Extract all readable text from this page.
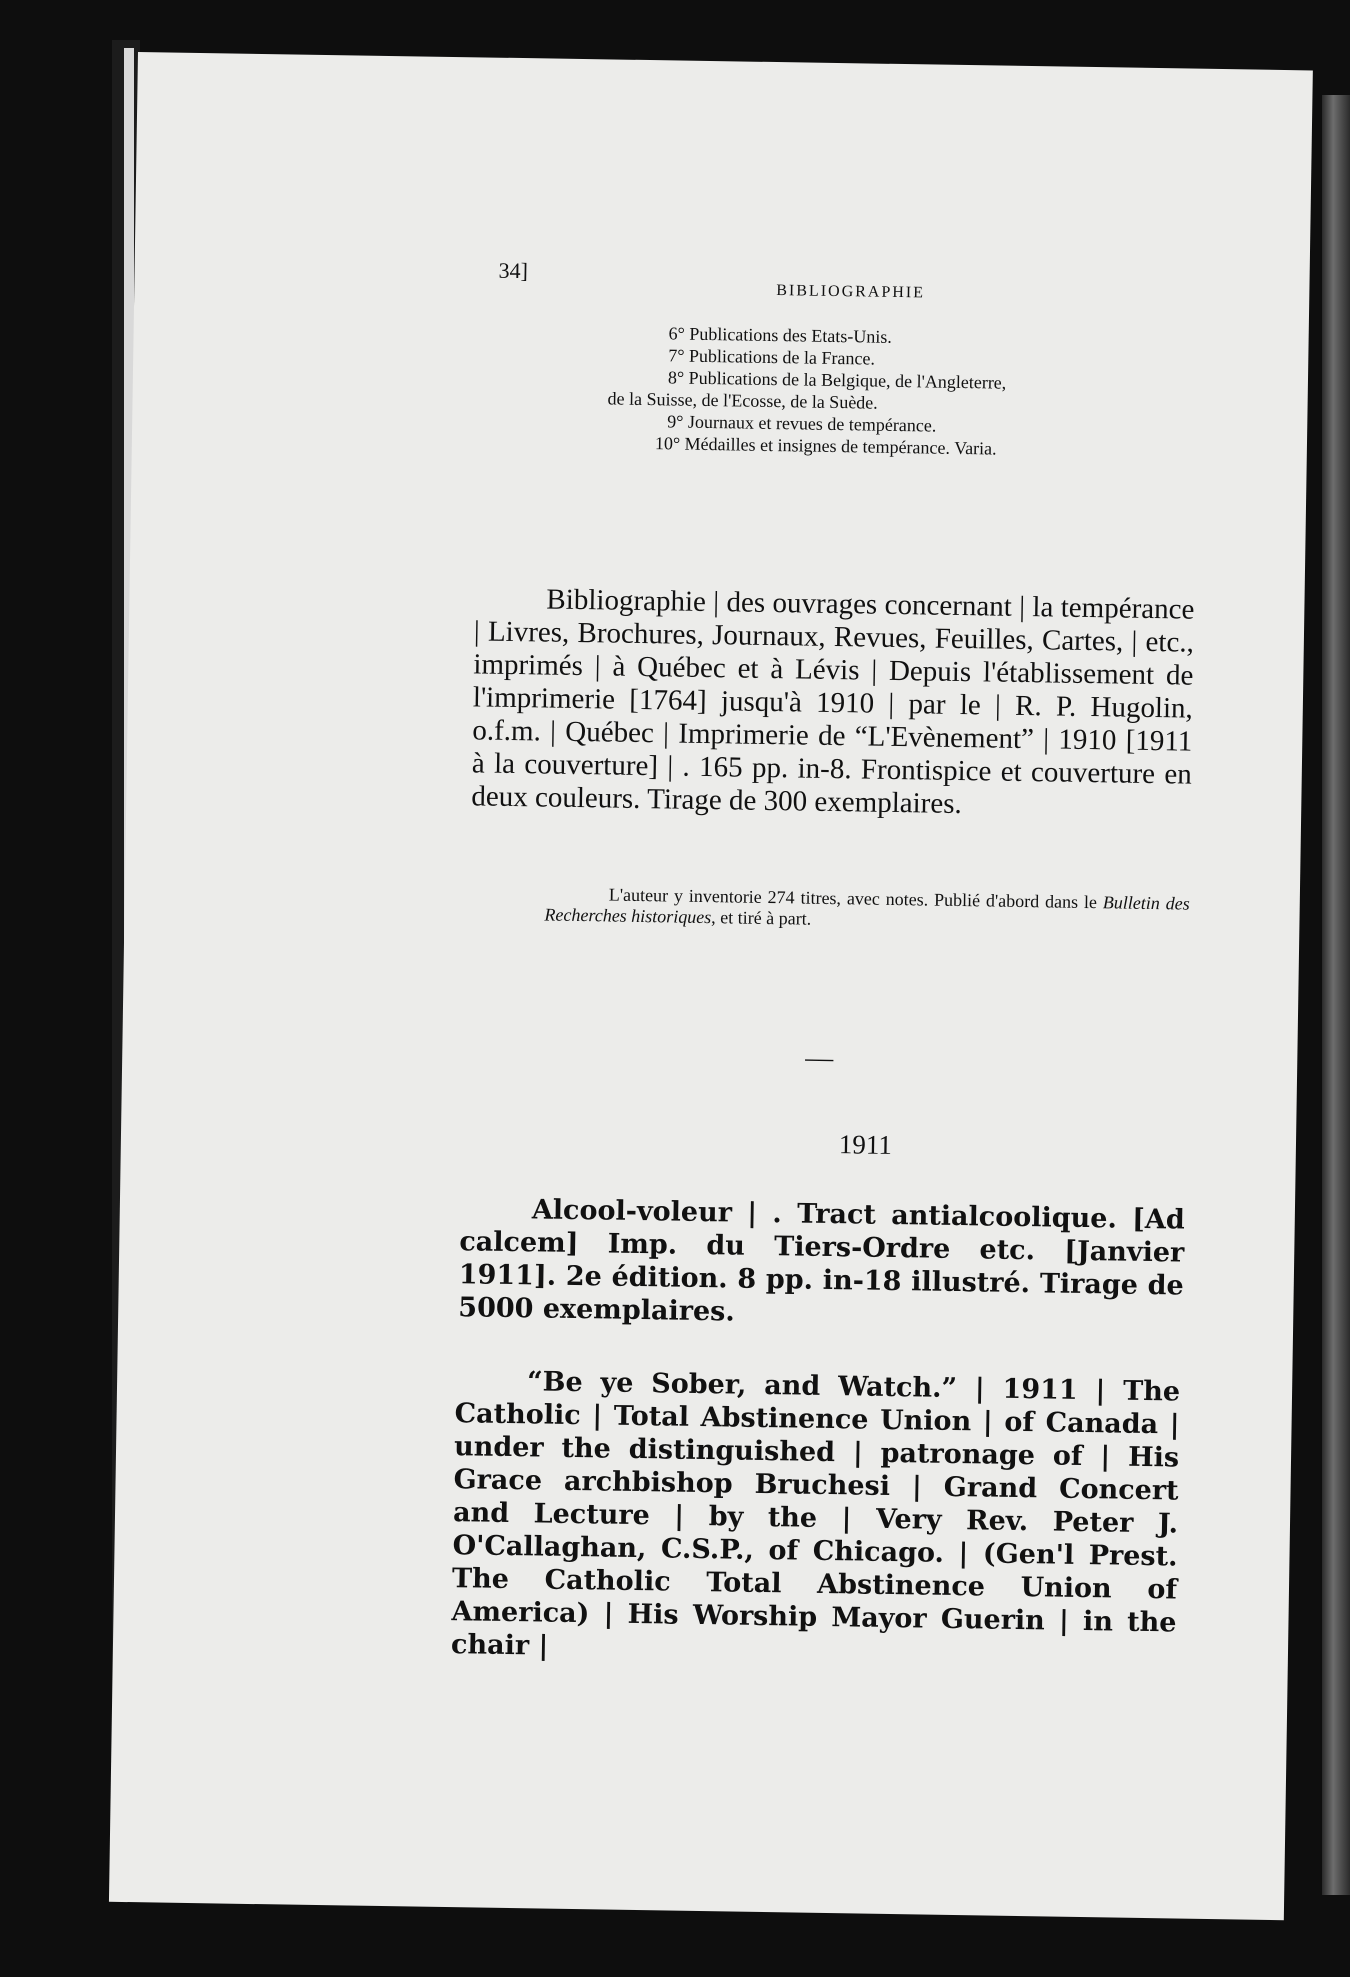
34]
BIBLIOGRAPHIE
6° Publications des Etats-Unis.
7° Publications de la France.
8° Publications de la Belgique, de l'Angleterre,
de la Suisse, de l'Ecosse, de la Suède.
9° Journaux et revues de tempérance.
10° Médailles et insignes de tempérance. Varia.
Bibliographie | des ouvrages concernant | la tempérance | Livres, Brochures, Journaux, Revues, Feuilles, Cartes, | etc., imprimés | à Québec et à Lévis | Depuis l'établissement de l'imprimerie [1764] jusqu'à 1910 | par le | R. P. Hugolin, o.f.m. | Québec | Imprimerie de “L'Evènement” | 1910 [1911 à la couverture] | . 165 pp. in-8. Frontispice et couverture en deux couleurs. Tirage de 300 exemplaires.
L'auteur y inventorie 274 titres, avec notes. Publié d'abord dans le Bulletin des Recherches historiques, et tiré à part.
—
1911
Alcool-voleur | . Tract antialcoolique. [Ad calcem] Imp. du Tiers-Ordre etc. [Janvier 1911]. 2e édition. 8 pp. in-18 illustré. Tirage de 5000 exemplaires.
“Be ye Sober, and Watch.” | 1911 | The Catholic | Total Abstinence Union | of Canada | under the distinguished | patronage of | His Grace archbishop Bruchesi | Grand Concert and Lecture | by the | Very Rev. Peter J. O'Callaghan, C.S.P., of Chicago. | (Gen'l Prest. The Catholic Total Abstinence Union of America) | His Worship Mayor Guerin | in the chair |
